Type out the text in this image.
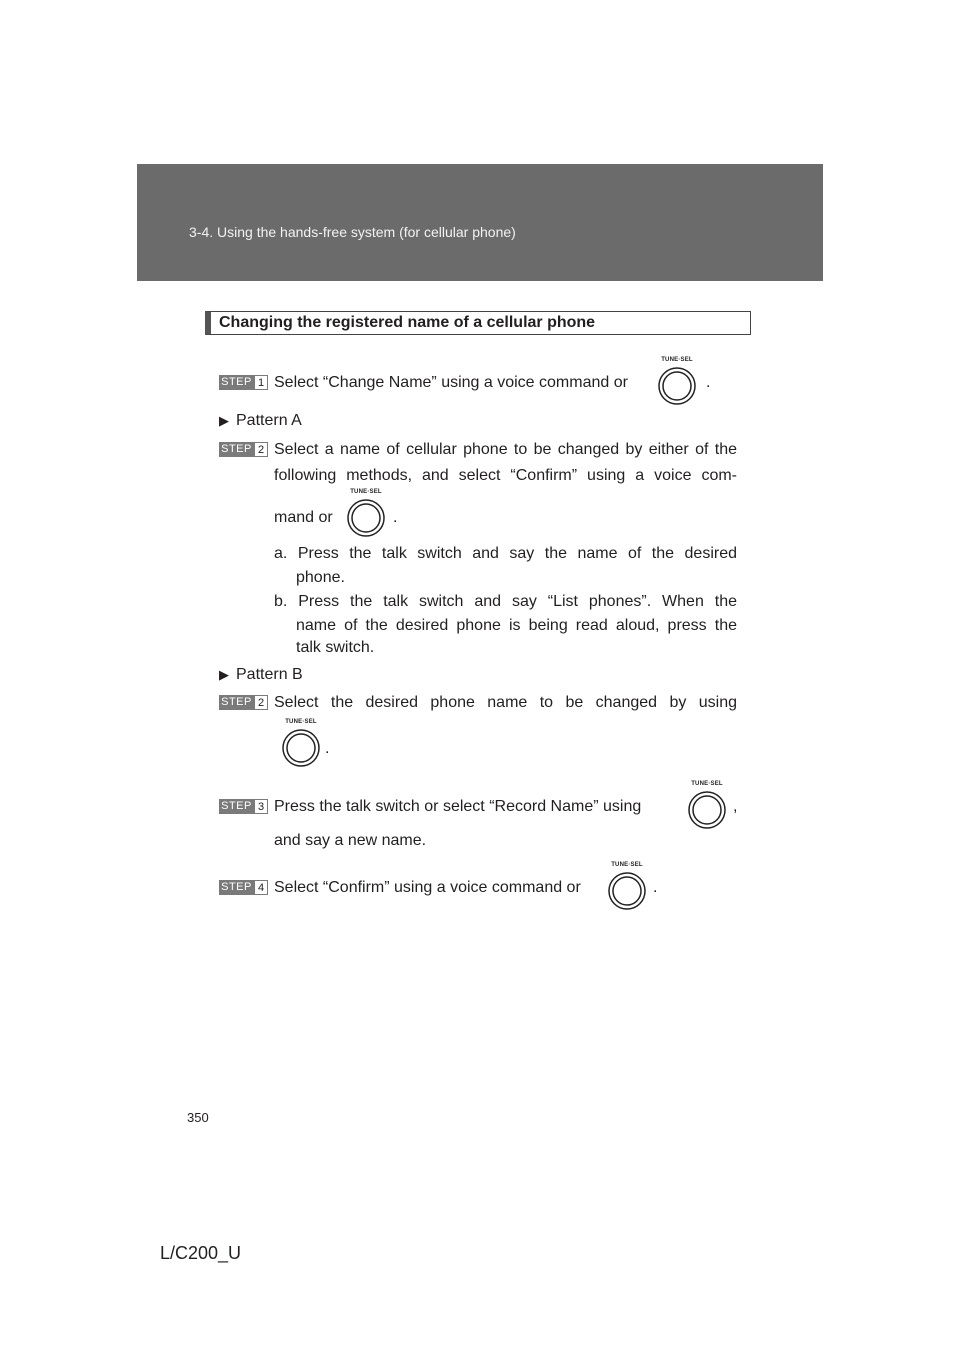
3-4. Using the hands-free system (for cellular phone)
Changing the registered name of a cellular phone
STEP 1 Select “Change Name” using a voice command or
TUNE·SEL
.
▶ Pattern A
STEP 2 Select a name of cellular phone to be changed by either of the
following methods, and select “Confirm” using a voice com-
mand or
TUNE·SEL
.
a. Press the talk switch and say the name of the desired
phone.
b. Press the talk switch and say “List phones”. When the
name of the desired phone is being read aloud, press the
talk switch.
▶ Pattern B
STEP 2 Select the desired phone name to be changed by using
TUNE·SEL
.
STEP 3 Press the talk switch or select “Record Name” using
TUNE·SEL
,
and say a new name.
STEP 4 Select “Confirm” using a voice command or
TUNE·SEL
.
350
L/C200_U
